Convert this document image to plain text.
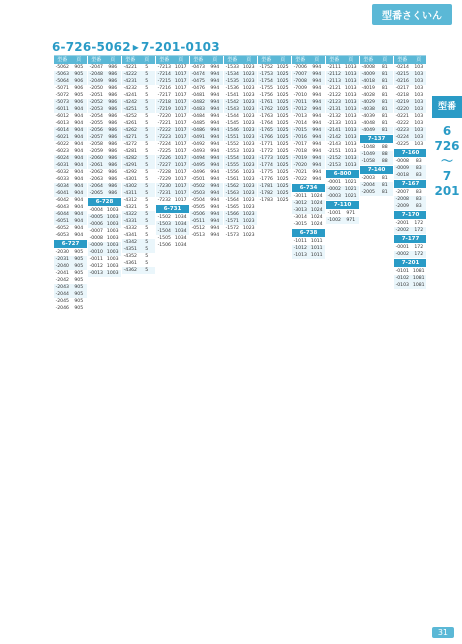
型番さくいん
6-726-5062 ▸ 7-201-0103
型番	頁
-5062	905
-5063	905
-5064	906
-5071	906
-5072	905
-5073	906
-6011	904
-6012	904
-6013	904
-6014	904
-6021	904
-6022	904
-6023	904
-6024	904
-6031	904
-6032	904
-6033	904
-6034	904
-6041	904
-6042	904
-6043	904
-6044	904
-6051	904
-6052	904
-6053	904
6-727
-2030	905
-2031	905
-2040	905
-2041	905
-2042	905
-2043	905
-2044	905
-2045	905
-2046	905
型番	頁
-2047	986
-2048	986
-2049	986
-2050	986
-2051	986
-2052	986
-2053	986
-2054	986
-2055	986
-2056	986
-2057	986
-2058	986
-2059	986
-2060	986
-2061	986
-2062	986
-2063	986
-2064	986
-2065	986
6-728
-0004 1003
-0005 1003
-0006 1003
-0007 1003
-0008 1003
-0009 1003
-0010 1003
-0011 1003
-0012 1003
-0013 1003
型番	頁
-4221	5
-4222	5
-4231	5
-4232	5
-4241	5
-4242	5
-4251	5
-4252	5
-4261	5
-4262	5
-4271	5
-4272	5
-4281	5
-4282	5
-4291	5
-4292	5
-4301	5
-4302	5
-4311	5
-4312	5
-4321	5
-4322	5
-4331	5
-4332	5
-4341	5
-4342	5
-4351	5
-4352	5
-4361	5
-4362	5
型番	頁
-7213 1017
-7214 1017
-7215 1017
-7216 1017
-7217 1017
-7218 1017
-7219 1017
-7220 1017
-7221 1017
-7222 1017
-7223 1017
-7224 1017
-7225 1017
-7226 1017
-7227 1017
-7228 1017
-7229 1017
-7230 1017
-7231 1017
-7232 1017
6-731
-1502 1034
-1503 1034
-1504 1034
-1505 1034
-1506 1034
型番	頁
-0473	994
-0474	994
-0475	994
-0476	994
-0481	994
-0482	994
-0483	994
-0484	994
-0485	994
-0486	994
-0491	994
-0492	994
-0493	994
-0494	994
-0495	994
-0496	994
-0501	994
-0502	994
-0503	994
-0504	994
-0505	994
-0506	994
-0511	994
-0512	994
-0513	994
型番	頁
-1533 1023
-1534 1023
-1535 1023
-1536 1023
-1541 1023
-1542 1023
-1543 1023
-1544 1023
-1545 1023
-1546 1023
-1551 1023
-1552 1023
-1553 1023
-1554 1023
-1555 1023
-1556 1023
-1561 1023
-1562 1023
-1563 1023
-1564 1023
-1565 1023
-1566 1023
-1571 1023
-1572 1023
-1573 1023
型番	頁
-1752 1025
-1753 1025
-1754 1025
-1755 1025
-1756 1025
-1761 1025
-1762 1025
-1763 1025
-1764 1025
-1765 1025
-1766 1025
-1771 1025
-1772 1025
-1773 1025
-1774 1025
-1775 1025
-1776 1025
-1781 1025
-1782 1025
-1783 1025
型番	頁
-7006	994
-7007	994
-7008	994
-7009	994
-7010	994
-7011	994
-7012	994
-7013	994
-7014	994
-7015	994
-7016	994
-7017	994
-7018	994
-7019	994
-7020	994
-7021	994
-7022	994
6-734
-3011 1024
-3012 1024
-3013 1024
-3014 1024
-3015 1024
6-738
-1011 1011
-1012 1011
-1013 1011
型番	頁
-2111 1013
-2112 1013
-2113 1013
-2121 1013
-2122 1013
-2123 1013
-2131 1013
-2132 1013
-2133 1013
-2141 1013
-2142 1013
-2143 1013
-2151 1013
-2152 1013
-2153 1013
6-800
-0001 1021
-0002 1021
-0003 1021
7-110
-1001	971
-1002	971
型番	頁
-4008	81
-4009	81
-4018	81
-4019	81
-4028	81
-4029	81
-4038	81
-4039	81
-4048	81
-4049	81
7-137
-1048	88
-1049	88
-1058	88
7-140
-2003	81
-2004	81
-2005	81
型番	頁
-0214	103
-0215	103
-0216	103
-0217	103
-0218	103
-0219	103
-0220	103
-0221	103
-0222	103
-0223	103
-0224	103
-0225	103
7-160
-0008	83
-0009	83
-0018	83
7-167
-2007	83
-2008	83
-2009	83
7-170
-2001	172
-2002	172
7-177
-0001	172
-0002	172
7-201
-0101 1081
-0102 1081
-0103 1081
型番
6
726
〜
7
201
31
